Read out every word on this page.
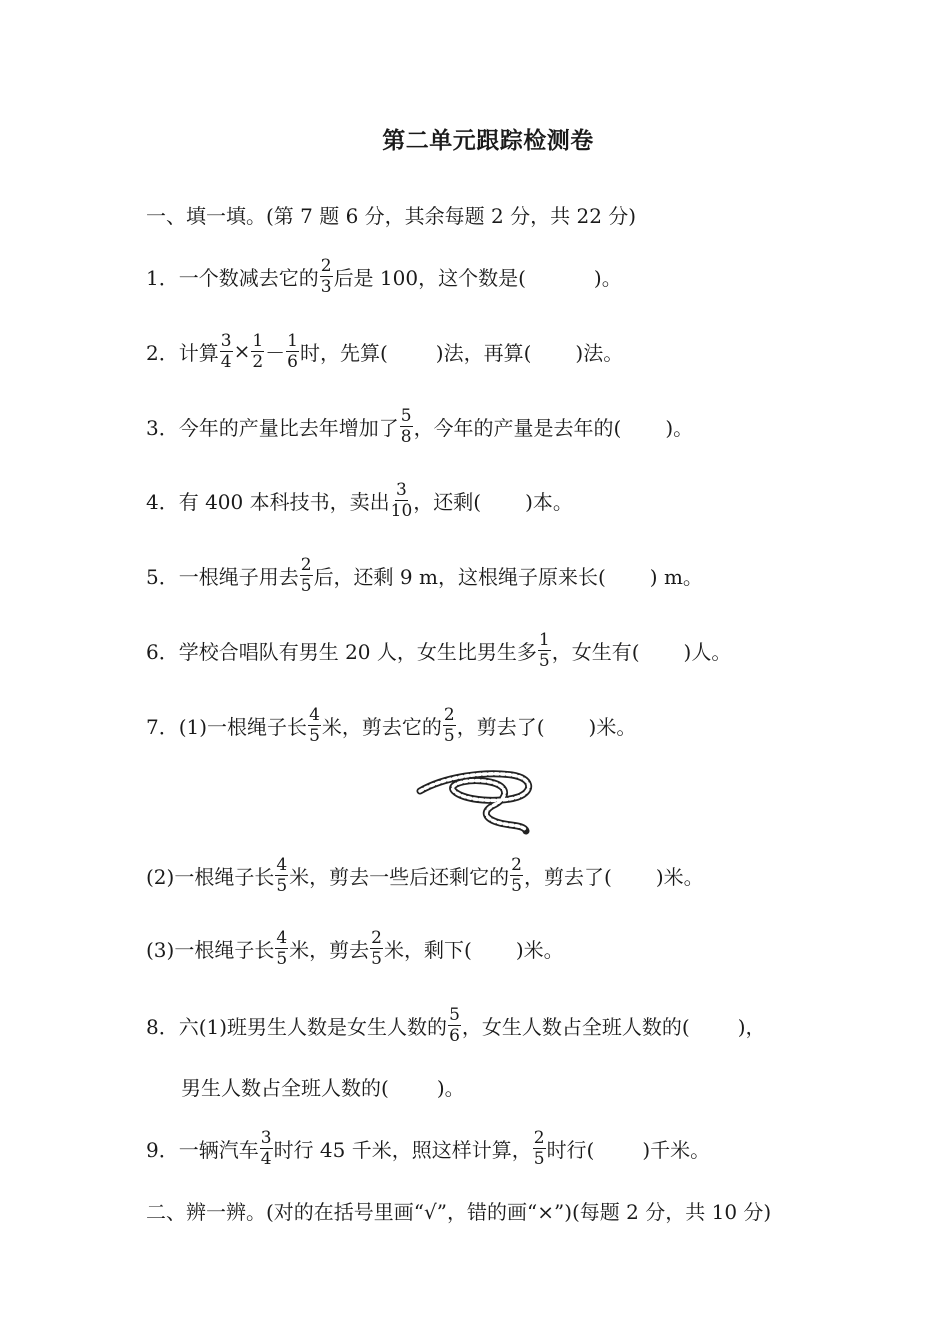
第二单元跟踪检测卷
一、填一填。(第 7 题 6 分，其余每题 2 分，共 22 分)
1．一个数减去它的 $\frac{2}{3}$ 后是 100，这个数是(	)。
2．计算 $\frac{3}{4} \times \frac{1}{2} - \frac{1}{6}$ 时，先算( )法，再算( )法。
3．今年的产量比去年增加了 $\frac{5}{8}$ ，今年的产量是去年的( )。
4．有 400 本科技书，卖出 $\frac{3}{10}$ ，还剩( )本。
5．一根绳子用去 $\frac{2}{5}$ 后，还剩 9 m，这根绳子原来长( ) m。
6．学校合唱队有男生 20 人，女生比男生多 $\frac{1}{5}$ ，女生有( )人。
7．(1)一根绳子长 $\frac{4}{5}$ 米，剪去它的 $\frac{2}{5}$ ，剪去了( )米。
(2)一根绳子长 $\frac{4}{5}$ 米，剪去一些后还剩它的 $\frac{2}{5}$ ，剪去了( )米。
(3)一根绳子长 $\frac{4}{5}$ 米，剪去 $\frac{2}{5}$ 米，剩下( )米。
8．六(1)班男生人数是女生人数的 $\frac{5}{6}$ ，女生人数占全班人数的( )，
男生人数占全班人数的( )。
9．一辆汽车 $\frac{3}{4}$ 时行 45 千米，照这样计算， $\frac{2}{5}$ 时行( )千米。
二、辨一辨。(对的在括号里画“√”，错的画“×”)(每题 2 分，共 10 分)
